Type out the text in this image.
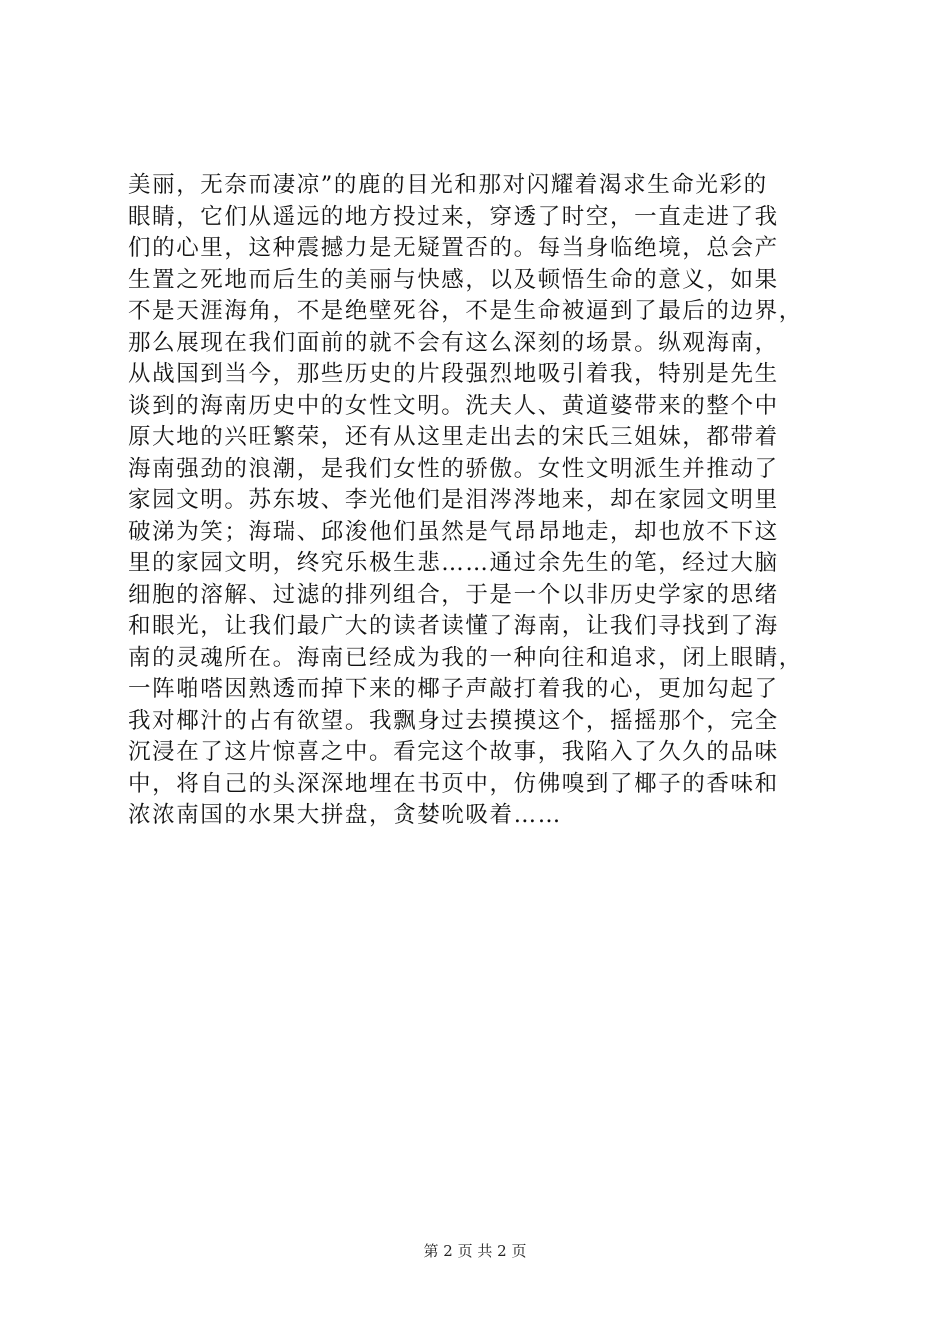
美丽，无奈而凄凉”的鹿的目光和那对闪耀着渴求生命光彩的
眼睛，它们从遥远的地方投过来，穿透了时空，一直走进了我
们的心里，这种震撼力是无疑置否的。每当身临绝境，总会产
生置之死地而后生的美丽与快感，以及顿悟生命的意义，如果
不是天涯海角，不是绝壁死谷，不是生命被逼到了最后的边界，
那么展现在我们面前的就不会有这么深刻的场景。纵观海南，
从战国到当今，那些历史的片段强烈地吸引着我，特别是先生
谈到的海南历史中的女性文明。洗夫人、黄道婆带来的整个中
原大地的兴旺繁荣，还有从这里走出去的宋氏三姐妹，都带着
海南强劲的浪潮，是我们女性的骄傲。女性文明派生并推动了
家园文明。苏东坡、李光他们是泪涔涔地来，却在家园文明里
破涕为笑；海瑞、邱浚他们虽然是气昂昂地走，却也放不下这
里的家园文明，终究乐极生悲……通过余先生的笔，经过大脑
细胞的溶解、过滤的排列组合，于是一个以非历史学家的思绪
和眼光，让我们最广大的读者读懂了海南，让我们寻找到了海
南的灵魂所在。海南已经成为我的一种向往和追求，闭上眼睛，
一阵啪嗒因熟透而掉下来的椰子声敲打着我的心，更加勾起了
我对椰汁的占有欲望。我飘身过去摸摸这个，摇摇那个，完全
沉浸在了这片惊喜之中。看完这个故事，我陷入了久久的品味
中，将自己的头深深地埋在书页中，仿佛嗅到了椰子的香味和
浓浓南国的水果大拼盘，贪婪吮吸着……
第 2 页 共 2 页
